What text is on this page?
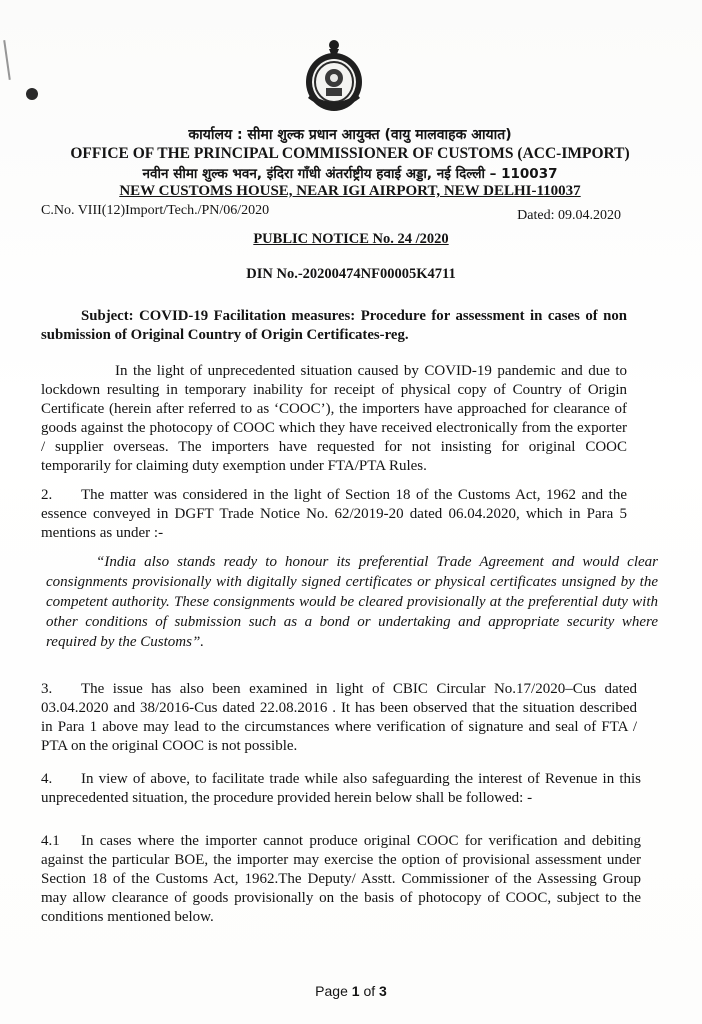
कार्यालय : सीमा शुल्क प्रधान आयुक्त (वायु मालवाहक आयात)
OFFICE OF THE PRINCIPAL COMMISSIONER OF CUSTOMS (ACC-IMPORT)
नवीन सीमा शुल्क भवन, इंदिरा गाँधी अंतर्राष्ट्रीय हवाई अड्डा, नई दिल्ली – 110037
NEW CUSTOMS HOUSE, NEAR IGI AIRPORT, NEW DELHI-110037
C.No. VIII(12)Import/Tech./PN/06/2020	Dated: 09.04.2020
PUBLIC NOTICE No. 24 /2020
DIN No.-20200474NF00005K4711
Subject: COVID-19 Facilitation measures: Procedure for assessment in cases of non submission of Original Country of Origin Certificates-reg.
In the light of unprecedented situation caused by COVID-19 pandemic and due to lockdown resulting in temporary inability for receipt of physical copy of Country of Origin Certificate (herein after referred to as ‘COOC’), the importers have approached for clearance of goods against the photocopy of COOC which they have received electronically from the exporter / supplier overseas. The importers have requested for not insisting for original COOC temporarily for claiming duty exemption under FTA/PTA Rules.
2. The matter was considered in the light of Section 18 of the Customs Act, 1962 and the essence conveyed in DGFT Trade Notice No. 62/2019-20 dated 06.04.2020, which in Para 5 mentions as under :-
“India also stands ready to honour its preferential Trade Agreement and would clear consignments provisionally with digitally signed certificates or physical certificates unsigned by the competent authority. These consignments would be cleared provisionally at the preferential duty with other conditions of submission such as a bond or undertaking and appropriate security where required by the Customs”.
3. The issue has also been examined in light of CBIC Circular No.17/2020–Cus dated 03.04.2020 and 38/2016-Cus dated 22.08.2016 . It has been observed that the situation described in Para 1 above may lead to the circumstances where verification of signature and seal of FTA / PTA on the original COOC is not possible.
4. In view of above, to facilitate trade while also safeguarding the interest of Revenue in this unprecedented situation, the procedure provided herein below shall be followed: -
4.1 In cases where the importer cannot produce original COOC for verification and debiting against the particular BOE, the importer may exercise the option of provisional assessment under Section 18 of the Customs Act, 1962.The Deputy/ Asstt. Commissioner of the Assessing Group may allow clearance of goods provisionally on the basis of photocopy of COOC, subject to the conditions mentioned below.
Page 1 of 3
